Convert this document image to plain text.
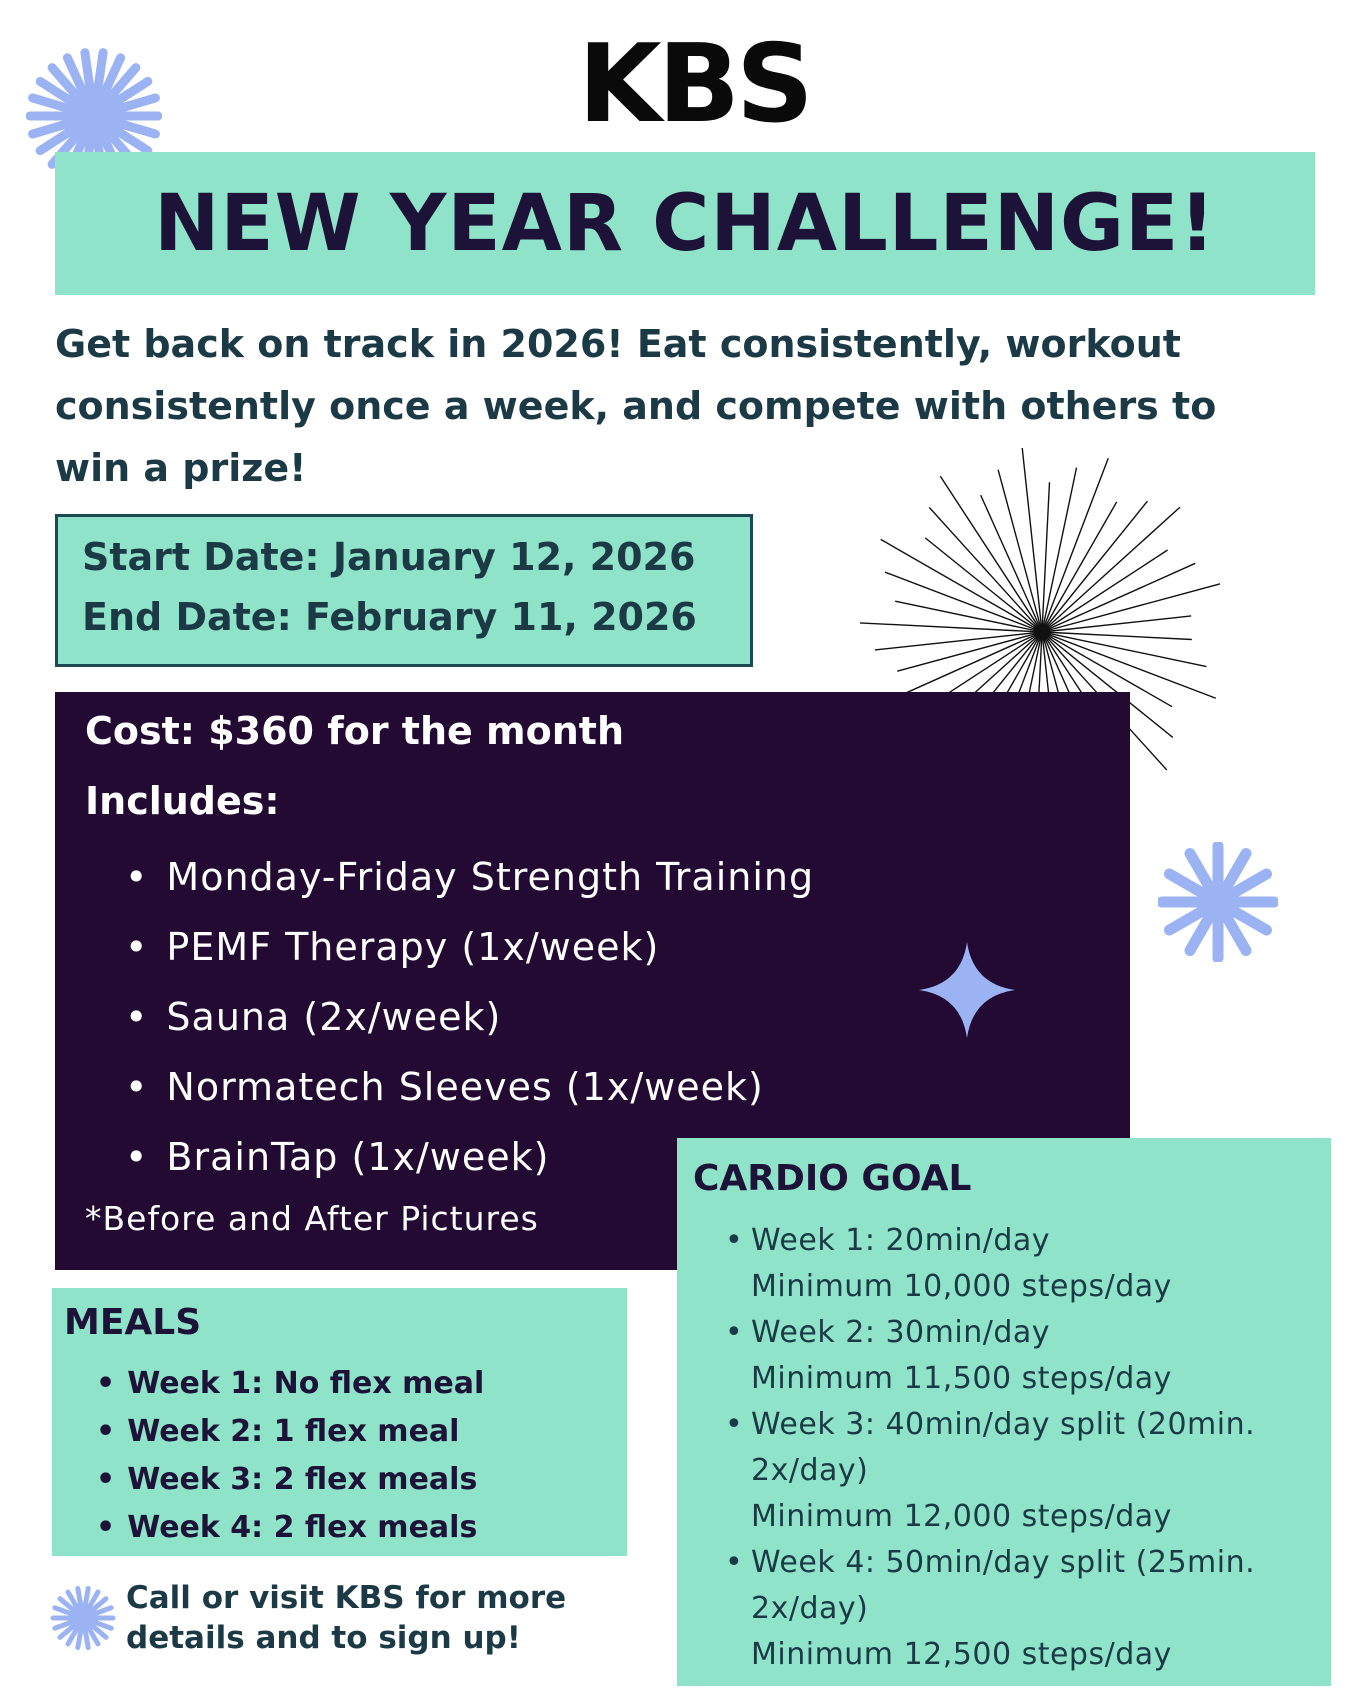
KBS
NEW YEAR CHALLENGE!
Get back on track in 2026! Eat consistently, workout consistently once a week, and compete with others to win a prize!
Start Date: January 12, 2026
End Date: February 11, 2026
Cost: $360 for the month
Includes:
• Monday-Friday Strength Training
• PEMF Therapy (1x/week)
• Sauna (2x/week)
• Normatech Sleeves (1x/week)
• BrainTap (1x/week)
*Before and After Pictures
MEALS
• Week 1: No flex meal
• Week 2: 1 flex meal
• Week 3: 2 flex meals
• Week 4: 2 flex meals
CARDIO GOAL
• Week 1: 20min/day
Minimum 10,000 steps/day
• Week 2: 30min/day
Minimum 11,500 steps/day
• Week 3: 40min/day split (20min. 2x/day)
Minimum 12,000 steps/day
• Week 4: 50min/day split (25min. 2x/day)
Minimum 12,500 steps/day
Call or visit KBS for more details and to sign up!
